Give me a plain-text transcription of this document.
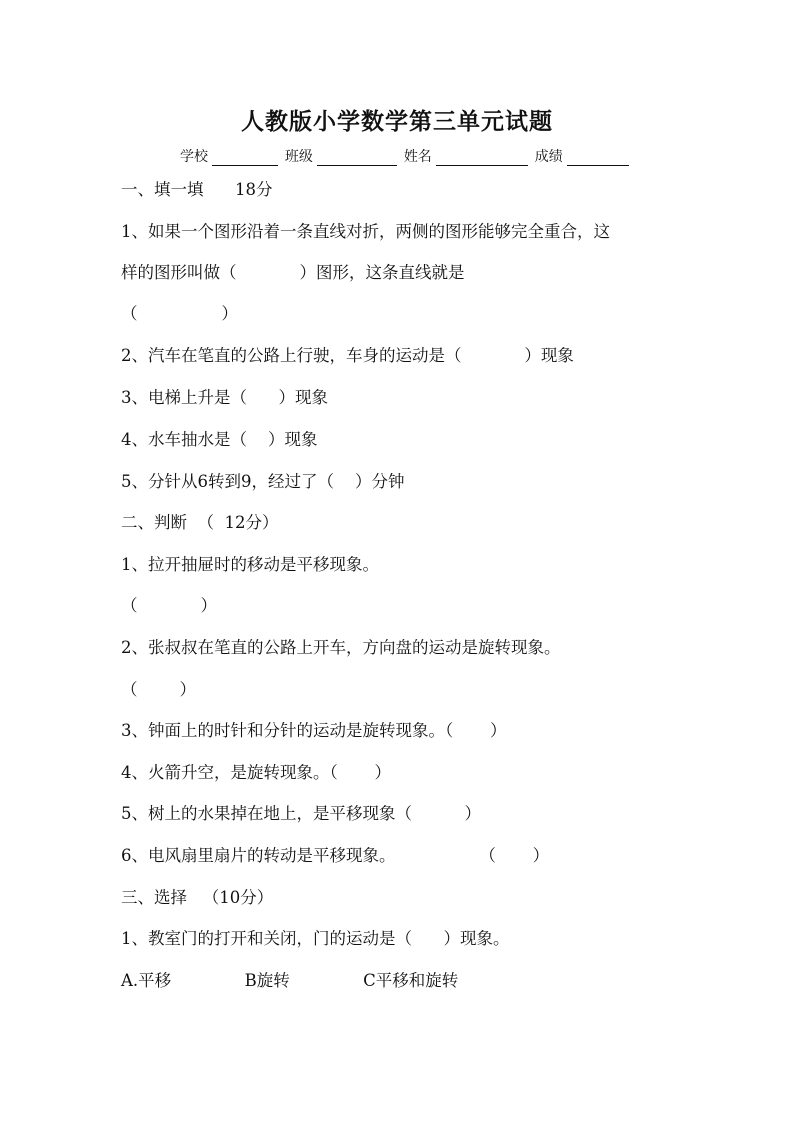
人教版小学数学第三单元试题
学校	班级	姓名	成绩
一、填一填      18分
1、如果一个图形沿着一条直线对折，两侧的图形能够完全重合，这
样的图形叫做（            ）图形，这条直线就是
（                ）
2、汽车在笔直的公路上行驶，车身的运动是（            ）现象
3、电梯上升是（      ）现象
4、水车抽水是（    ）现象
5、分针从6转到9，经过了（    ）分钟
二、判断  （  12分）
1、拉开抽屉时的移动是平移现象。
（            ）
2、张叔叔在笔直的公路上开车，方向盘的运动是旋转现象。
（        ）
3、钟面上的时针和分针的运动是旋转现象。（       ）
4、火箭升空，是旋转现象。（       ）
5、树上的水果掉在地上，是平移现象（          ）
6、电风扇里扇片的转动是平移现象。                （       ）
三、选择   （10分）
1、教室门的打开和关闭，门的运动是（      ）现象。
A.平移              B旋转              C平移和旋转
